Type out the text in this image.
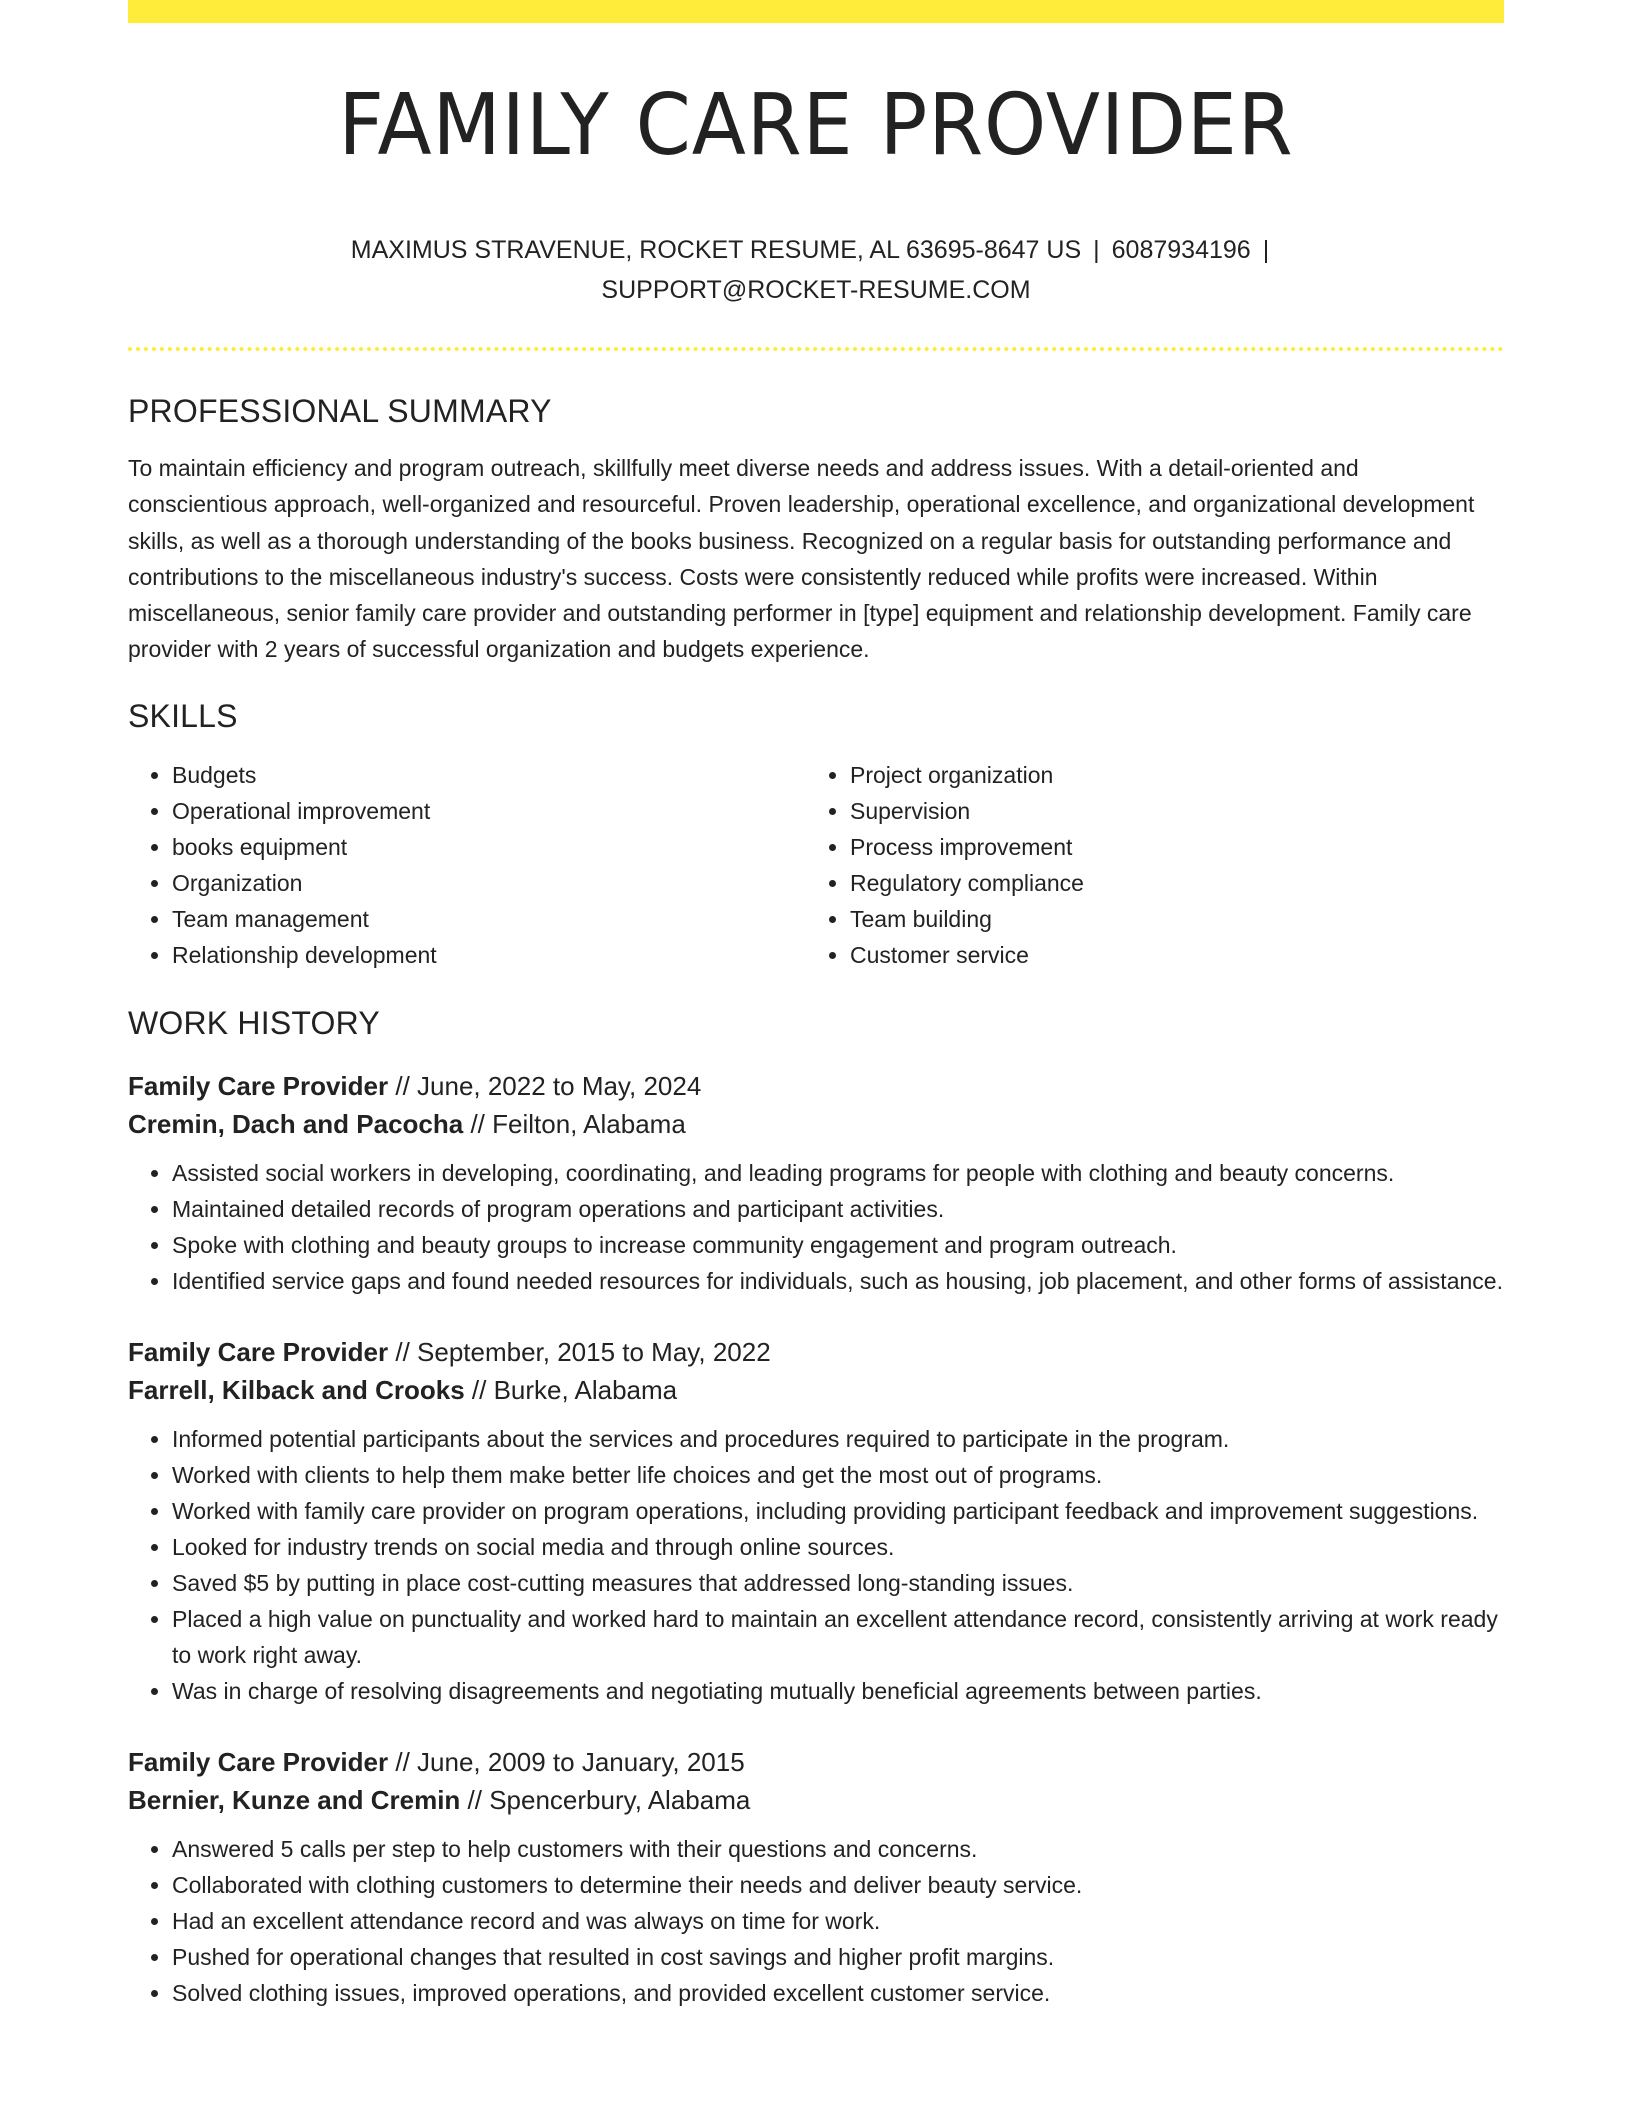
FAMILY CARE PROVIDER
MAXIMUS STRAVENUE, ROCKET RESUME, AL 63695-8647 US | 6087934196 |
SUPPORT@ROCKET-RESUME.COM
PROFESSIONAL SUMMARY

To maintain efficiency and program outreach, skillfully meet diverse needs and address issues. With a detail-oriented and conscientious approach, well-organized and resourceful. Proven leadership, operational excellence, and organizational development skills, as well as a thorough understanding of the books business. Recognized on a regular basis for outstanding performance and contributions to the miscellaneous industry's success. Costs were consistently reduced while profits were increased. Within miscellaneous, senior family care provider and outstanding performer in [type] equipment and relationship development. Family care provider with 2 years of successful organization and budgets experience.

SKILLS
• Budgets
• Operational improvement
• books equipment
• Organization
• Team management
• Relationship development
• Project organization
• Supervision
• Process improvement
• Regulatory compliance
• Team building
• Customer service
WORK HISTORY
Family Care Provider // June, 2022 to May, 2024
Cremin, Dach and Pacocha // Feilton, Alabama
• Assisted social workers in developing, coordinating, and leading programs for people with clothing and beauty concerns.
• Maintained detailed records of program operations and participant activities.
• Spoke with clothing and beauty groups to increase community engagement and program outreach.
• Identified service gaps and found needed resources for individuals, such as housing, job placement, and other forms of assistance.
Family Care Provider // September, 2015 to May, 2022
Farrell, Kilback and Crooks // Burke, Alabama
• Informed potential participants about the services and procedures required to participate in the program.
• Worked with clients to help them make better life choices and get the most out of programs.
• Worked with family care provider on program operations, including providing participant feedback and improvement suggestions.
• Looked for industry trends on social media and through online sources.
• Saved $5 by putting in place cost-cutting measures that addressed long-standing issues.
• Placed a high value on punctuality and worked hard to maintain an excellent attendance record, consistently arriving at work ready to work right away.
• Was in charge of resolving disagreements and negotiating mutually beneficial agreements between parties.
Family Care Provider // June, 2009 to January, 2015
Bernier, Kunze and Cremin // Spencerbury, Alabama
• Answered 5 calls per step to help customers with their questions and concerns.
• Collaborated with clothing customers to determine their needs and deliver beauty service.
• Had an excellent attendance record and was always on time for work.
• Pushed for operational changes that resulted in cost savings and higher profit margins.
• Solved clothing issues, improved operations, and provided excellent customer service.
